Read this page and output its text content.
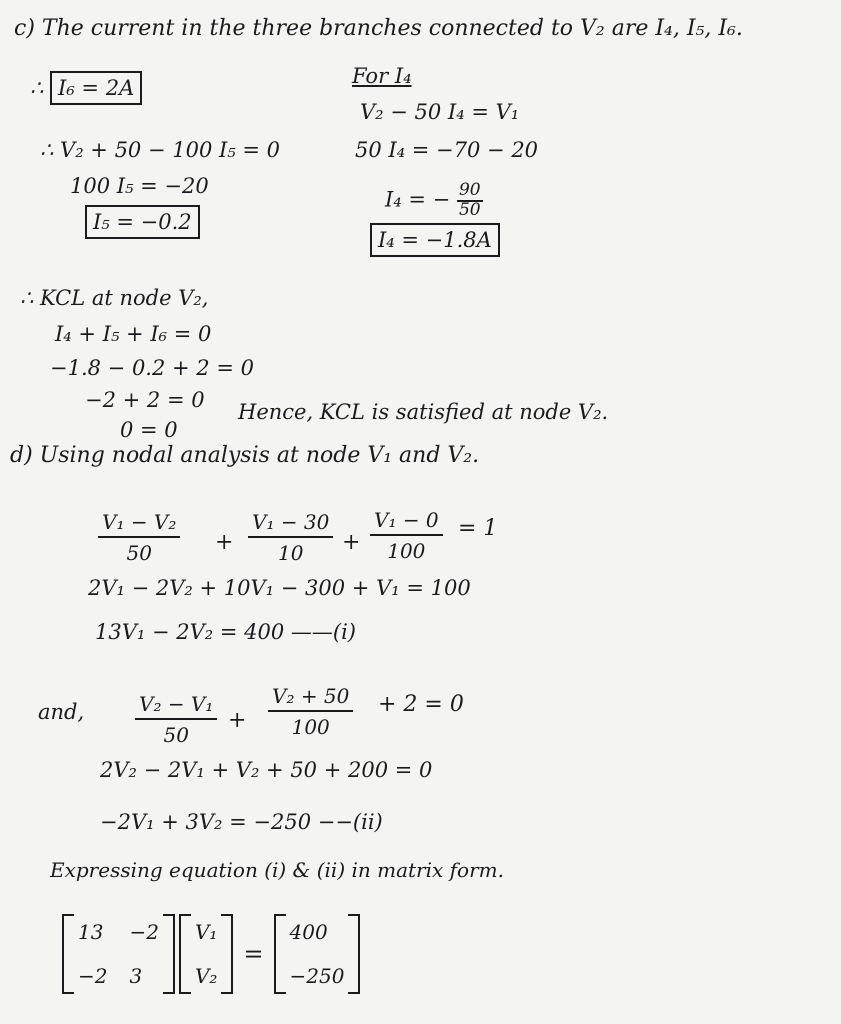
c) The current in the three branches connected to V₂ are I₄, I₅, I₆.
∴ I₆ = 2A	For I₄
V₂ − 50 I₄ = V₁
∴ V₂ + 50 − 100 I₅ = 0	50 I₄ = −70 − 20
100 I₅ = −20
I₄ = − $\frac{90}{50}$
I₅ = −0.2
I₄ = −1.8A
∴ KCL at node V₂,
I₄ + I₅ + I₆ = 0
−1.8 − 0.2 + 2 = 0
−2 + 2 = 0
0 = 0
Hence, KCL is satisfied at node V₂.
d) Using nodal analysis at node V₁ and V₂.
$\frac{\text{V₁ − V₂}}{50} + \frac{\text{V₁ − 30}}{10} + \frac{\text{V₁ − 0}}{100} = 1$
2V₁ − 2V₂ + 10V₁ − 300 + V₁ = 100
13V₁ − 2V₂ = 400 ——(i)
and,	$\frac{\text{V₂ − V₁}}{50} + \frac{\text{V₂ + 50}}{100} + 2 = 0$
2V₂ − 2V₁ + V₂ + 50 + 200 = 0
−2V₁ + 3V₂ = −250 −−(ii)
Expressing equation (i) & (ii) in matrix form.
13 −2
−2 3
V₁
V₂
=
400
−250
